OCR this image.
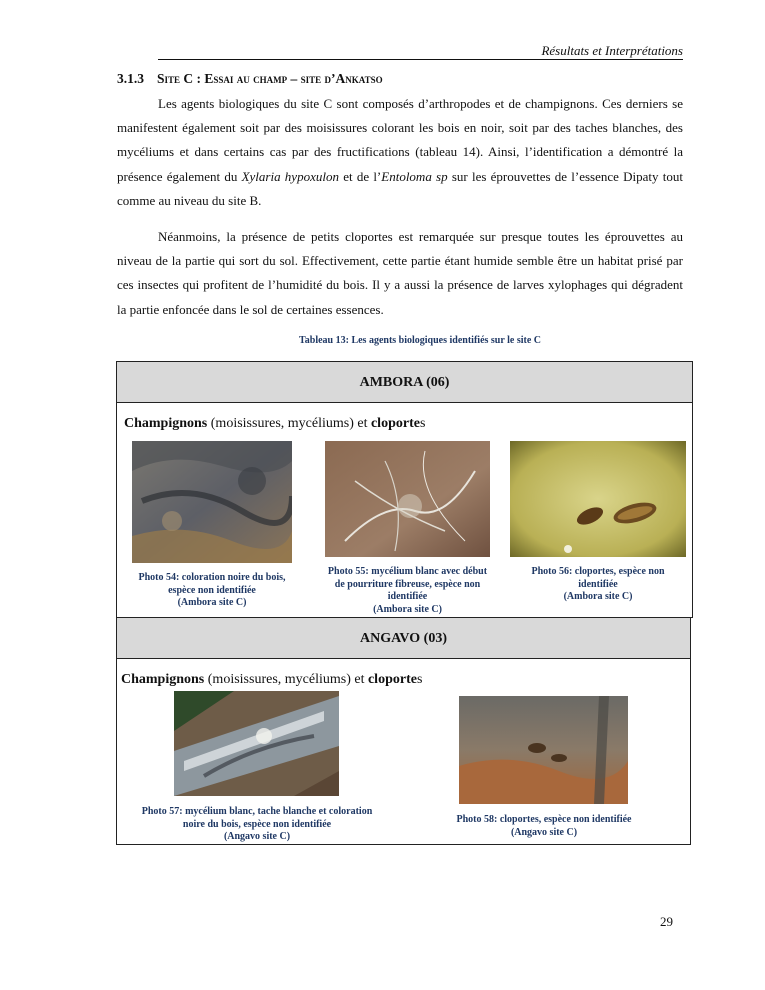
Résultats et Interprétations
3.1.3 Site C : Essai au champ – site d’Ankatso
Les agents biologiques du site C sont composés d’arthropodes et de champignons. Ces derniers se manifestent également soit par des moisissures colorant les bois en noir, soit par des taches blanches, des mycéliums et dans certains cas par des fructifications (tableau 14). Ainsi, l’identification a démontré la présence également du Xylaria hypoxulon et de l’Entoloma sp sur les éprouvettes de l’essence Dipaty tout comme au niveau du site B.
Néanmoins, la présence de petits cloportes est remarquée sur presque toutes les éprouvettes au niveau de la partie qui sort du sol. Effectivement, cette partie étant humide semble être un habitat prisé par ces insectes qui profitent de l’humidité du bois. Il y a aussi la présence de larves xylophages qui dégradent la partie enfoncée dans le sol de certaines essences.
Tableau 13: Les agents biologiques identifiés sur le site C
AMBORA (06)
Champignons (moisissures, mycéliums) et cloportes
Photo 54: coloration noire du bois,
espèce non identifiée
(Ambora site C)
Photo 55: mycélium blanc avec début
de pourriture fibreuse, espèce non
identifiée
(Ambora site C)
Photo 56: cloportes, espèce non
identifiée
(Ambora site C)
ANGAVO (03)
Champignons (moisissures, mycéliums) et cloportes
Photo 57: mycélium blanc, tache blanche et coloration
noire du bois, espèce non identifiée
(Angavo site C)
Photo 58: cloportes, espèce non identifiée
(Angavo site C)
29
